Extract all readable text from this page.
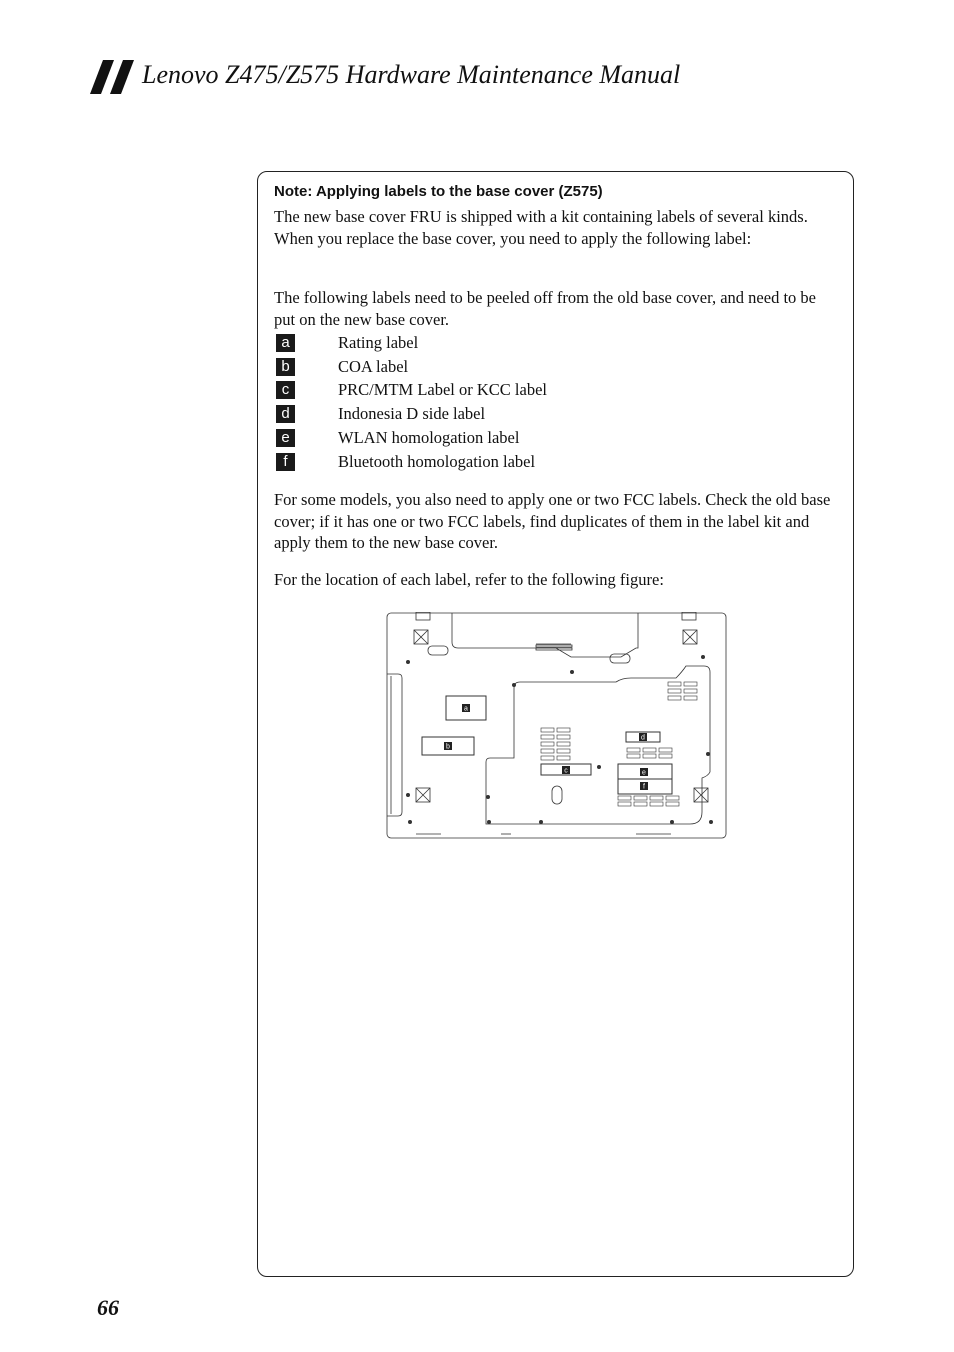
Lenovo Z475/Z575 Hardware Maintenance Manual
Note: Applying labels to the base cover (Z575)

The new base cover FRU is shipped with a kit containing labels of several kinds. When you replace the base cover, you need to apply the following label:

The following labels need to be peeled off from the old base cover, and need to be put on the new base cover.

a	Rating label
b	COA label
c	PRC/MTM Label or KCC label
d	Indonesia D side label
e	WLAN homologation label
f	Bluetooth homologation label

For some models, you also need to apply one or two FCC labels. Check the old base cover; if it has one or two FCC labels, find duplicates of them in the label kit and apply them to the new base cover.

For the location of each label, refer to the following figure:

a
b
c
d
e
f
66
